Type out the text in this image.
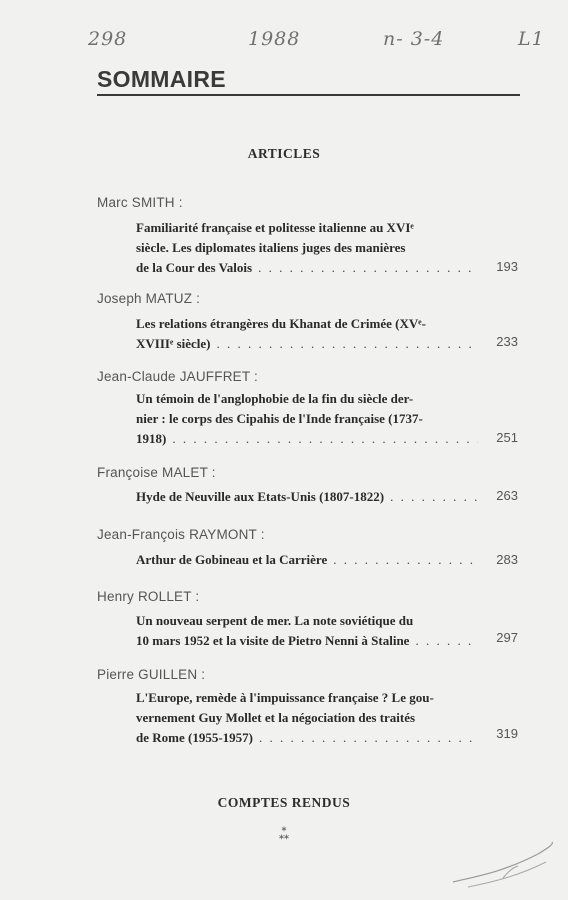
298	1988	n- 3-4	L1
SOMMAIRE
ARTICLES
Marc SMITH :
Familiarité française et politesse italienne au XVIᵉ
siècle. Les diplomates italiens juges des manières
de la Cour des Valois . . .	193
Joseph MATUZ :
Les relations étrangères du Khanat de Crimée (XVᵉ-
XVIIIᵉ siècle) . . .	233
Jean-Claude JAUFFRET :
Un témoin de l'anglophobie de la fin du siècle der-
nier : le corps des Cipahis de l'Inde française (1737-
1918) . . .	251
Françoise MALET :
Hyde de Neuville aux Etats-Unis (1807-1822) . . .	263
Jean-François RAYMONT :
Arthur de Gobineau et la Carrière . . .	283
Henry ROLLET :
Un nouveau serpent de mer. La note soviétique du
10 mars 1952 et la visite de Pietro Nenni à Staline . . .	297
Pierre GUILLEN :
L'Europe, remède à l'impuissance française ? Le gou-
vernement Guy Mollet et la négociation des traités
de Rome (1955-1957) . . .	319
COMPTES RENDUS
*
**
